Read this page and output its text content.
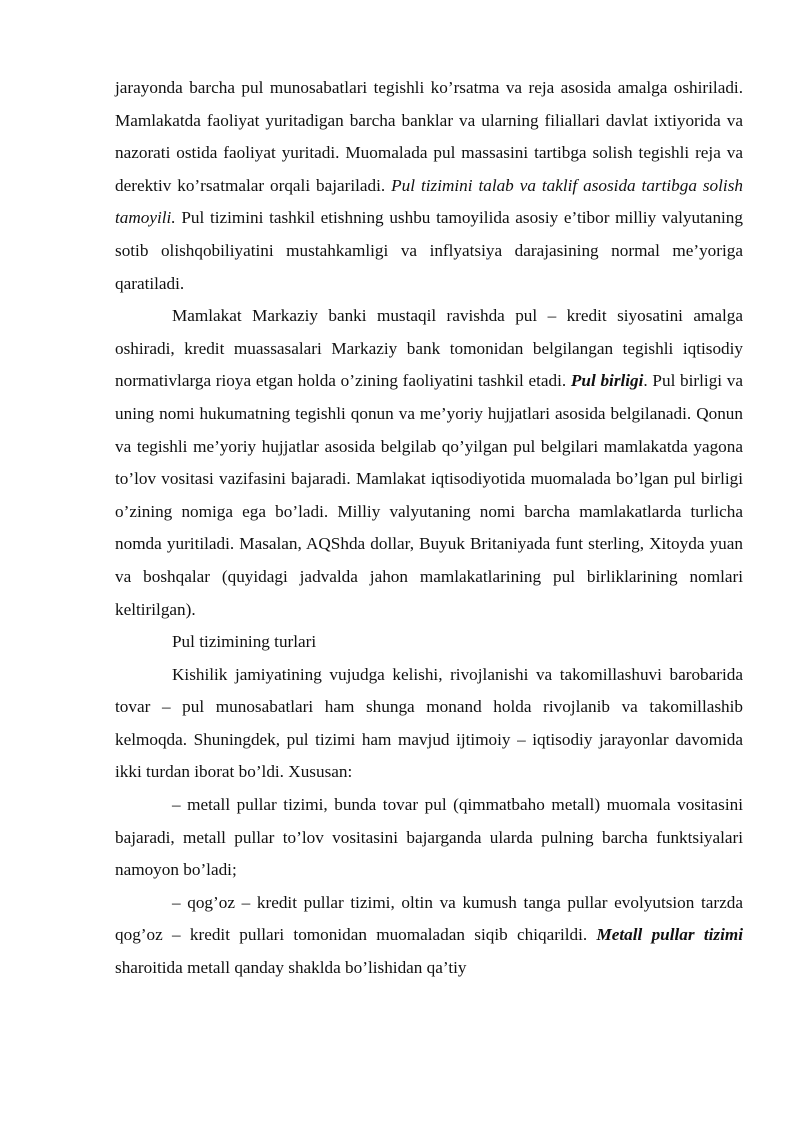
jarayonda barcha pul munosabatlari tegishli ko’rsatma va reja asosida amalga oshiriladi. Mamlakatda faoliyat yuritadigan barcha banklar va ularning filiallari davlat ixtiyorida va nazorati ostida faoliyat yuritadi. Muomalada pul massasini tartibga solish tegishli reja va derektiv ko’rsatmalar orqali bajariladi. Pul tizimini talab va taklif asosida tartibga solish tamoyili. Pul tizimini tashkil etishning ushbu tamoyilida asosiy e’tibor milliy valyutaning sotib olishqobiliyatini mustahkamligi va inflyatsiya darajasining normal me’yoriga qaratiladi.

Mamlakat Markaziy banki mustaqil ravishda pul – kredit siyosatini amalga oshiradi, kredit muassasalari Markaziy bank tomonidan belgilangan tegishli iqtisodiy normativlarga rioya etgan holda o’zining faoliyatini tashkil etadi. Pul birligi. Pul birligi va uning nomi hukumatning tegishli qonun va me’yoriy hujjatlari asosida belgilanadi. Qonun va tegishli me’yoriy hujjatlar asosida belgilab qo’yilgan pul belgilari mamlakatda yagona to’lov vositasi vazifasini bajaradi. Mamlakat iqtisodiyotida muomalada bo’lgan pul birligi o’zining nomiga ega bo’ladi. Milliy valyutaning nomi barcha mamlakatlarda turlicha nomda yuritiladi. Masalan, AQShda dollar, Buyuk Britaniyada funt sterling, Xitoyda yuan va boshqalar (quyidagi jadvalda jahon mamlakatlarining pul birliklarining nomlari keltirilgan).

Pul tizimining turlari

Kishilik jamiyatining vujudga kelishi, rivojlanishi va takomillashuvi barobarida tovar – pul munosabatlari ham shunga monand holda rivojlanib va takomillashib kelmoqda. Shuningdek, pul tizimi ham mavjud ijtimoiy – iqtisodiy jarayonlar davomida ikki turdan iborat bo’ldi. Xususan:

– metall pullar tizimi, bunda tovar pul (qimmatbaho metall) muomala vositasini bajaradi, metall pullar to’lov vositasini bajarganda ularda pulning barcha funktsiyalari namoyon bo’ladi;

– qog’oz – kredit pullar tizimi, oltin va kumush tanga pullar evolyutsion tarzda qog’oz – kredit pullari tomonidan muomaladan siqib chiqarildi. Metall pullar tizimi sharoitida metall qanday shaklda bo’lishidan qa’tiy
